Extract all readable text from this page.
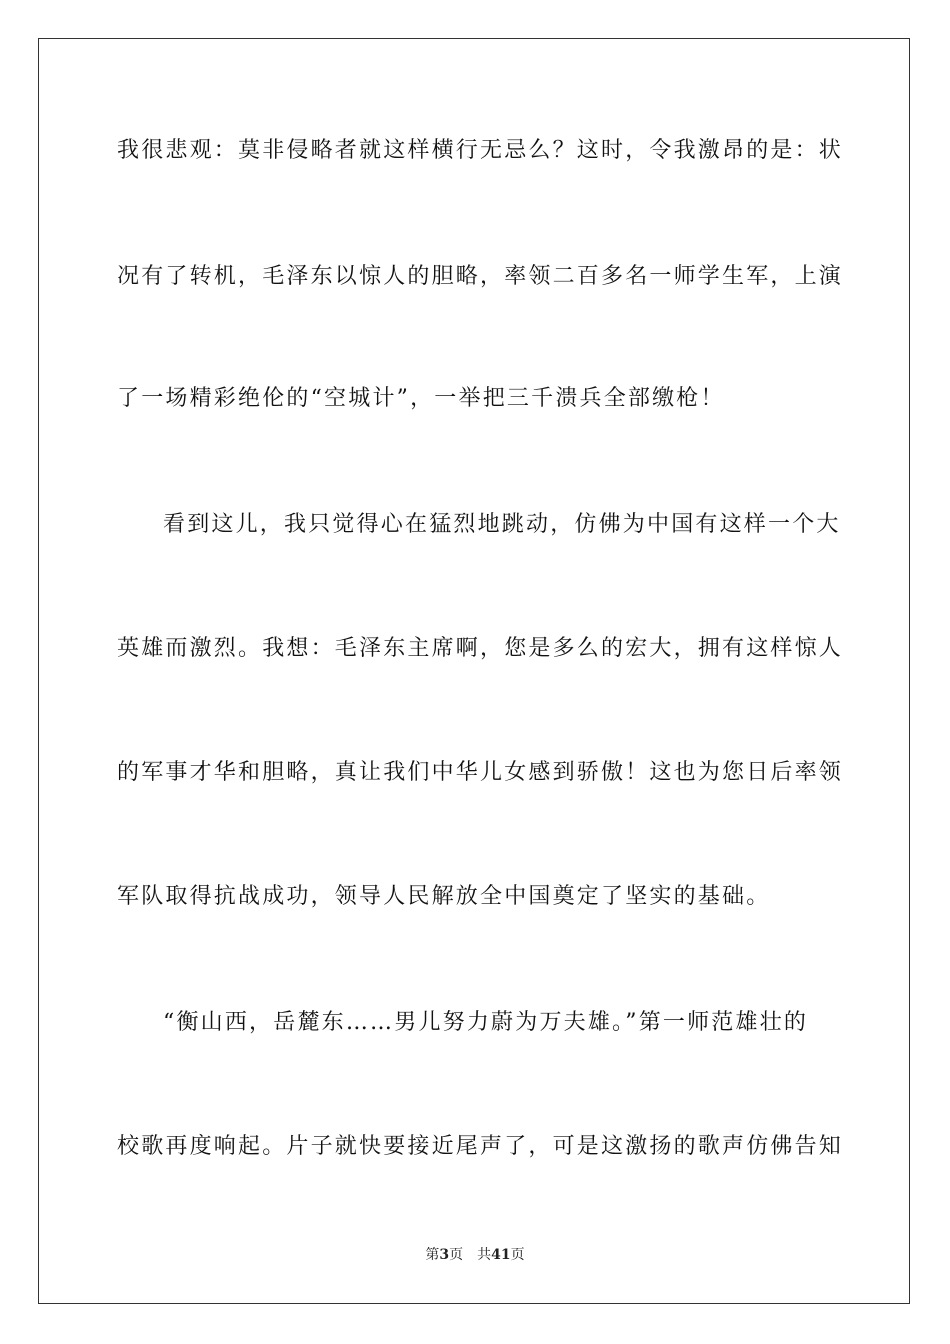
我很悲观：莫非侵略者就这样横行无忌么？这时，令我激昂的是：状
况有了转机，毛泽东以惊人的胆略，率领二百多名一师学生军，上演
了一场精彩绝伦的“空城计”，一举把三千溃兵全部缴枪！
看到这儿，我只觉得心在猛烈地跳动，仿佛为中国有这样一个大
英雄而激烈。我想：毛泽东主席啊，您是多么的宏大，拥有这样惊人
的军事才华和胆略，真让我们中华儿女感到骄傲！这也为您日后率领
军队取得抗战成功，领导人民解放全中国奠定了坚实的基础。
“衡山西，岳麓东……男儿努力蔚为万夫雄。”第一师范雄壮的
校歌再度响起。片子就快要接近尾声了，可是这激扬的歌声仿佛告知
第3页 共41页
